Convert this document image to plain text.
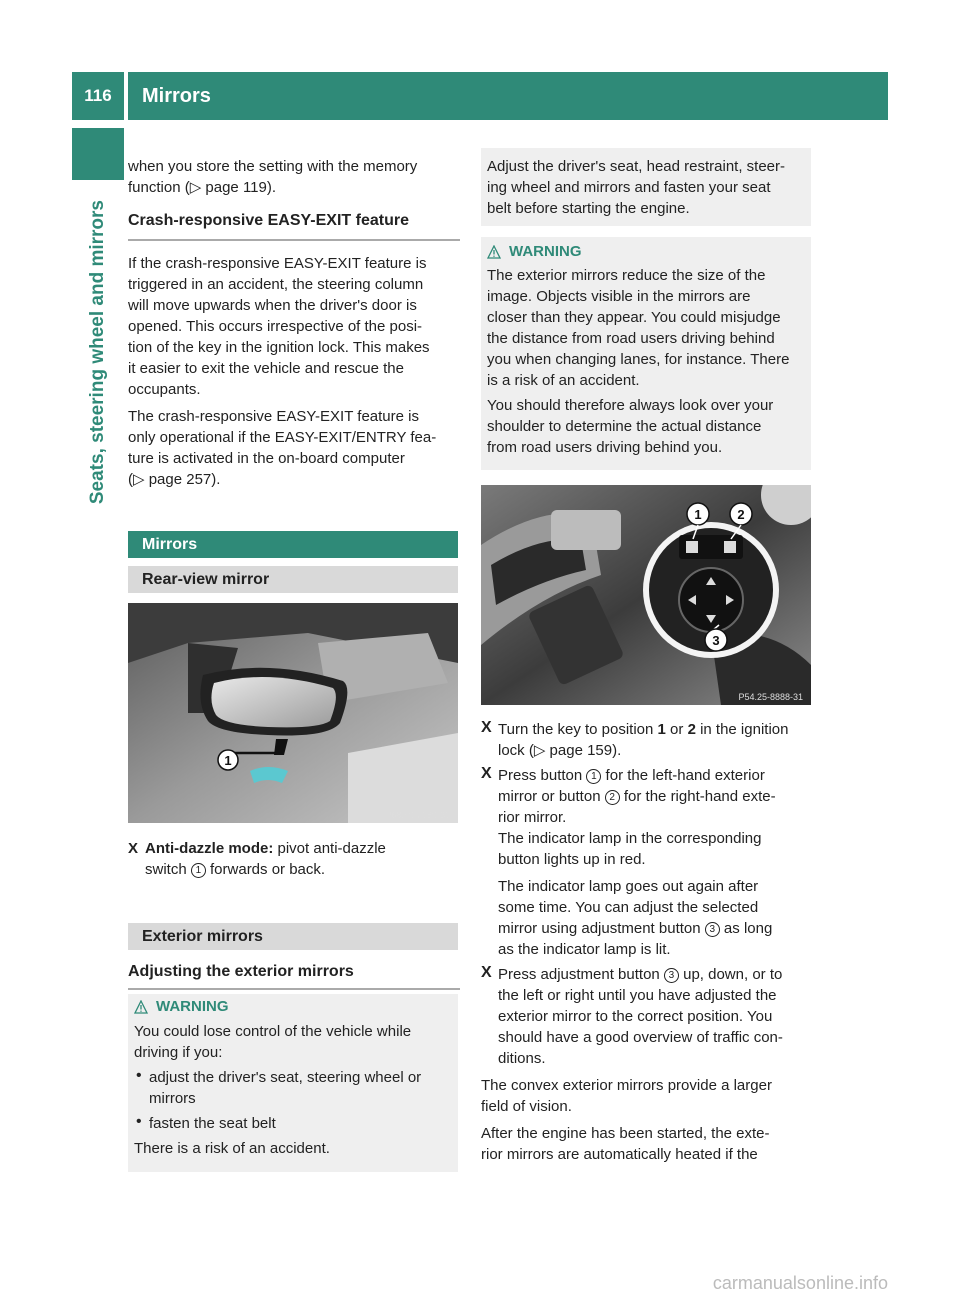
116	Mirrors
Seats, steering wheel and mirrors

when you store the setting with the memory

function (▷ page 119).

Crash-responsive EASY-EXIT feature

If the crash-responsive EASY-EXIT feature is

triggered in an accident, the steering column

will move upwards when the driver's door is

opened. This occurs irrespective of the posi-

tion of the key in the ignition lock. This makes

it easier to exit the vehicle and rescue the

occupants.

The crash-responsive EASY-EXIT feature is

only operational if the EASY-EXIT/ENTRY fea-

ture is activated in the on-board computer

(▷ page 257).

Mirrors
Rear-view mirror
1
P68.40-2180-31

X Anti-dazzle mode: pivot anti-dazzle

switch 1 forwards or back.

Exterior mirrors

Adjusting the exterior mirrors

WARNING

You could lose control of the vehicle while

driving if you:

• adjust the driver's seat, steering wheel or

mirrors

• fasten the seat belt

There is a risk of an accident.

Adjust the driver's seat, head restraint, steer-

ing wheel and mirrors and fasten your seat

belt before starting the engine.

WARNING

The exterior mirrors reduce the size of the

image. Objects visible in the mirrors are

closer than they appear. You could misjudge

the distance from road users driving behind

you when changing lanes, for instance. There

is a risk of an accident.

You should therefore always look over your

shoulder to determine the actual distance

from road users driving behind you.

1	2
3
P54.25-8888-31
X Turn the key to position 1 or 2 in the ignition

lock (▷ page 159).

X Press button 1 for the left-hand exterior

mirror or button 2 for the right-hand exte-

rior mirror.

The indicator lamp in the corresponding

button lights up in red.

The indicator lamp goes out again after

some time. You can adjust the selected

mirror using adjustment button 3 as long

as the indicator lamp is lit.

X Press adjustment button 3 up, down, or to

the left or right until you have adjusted the

exterior mirror to the correct position. You

should have a good overview of traffic con-

ditions.

The convex exterior mirrors provide a larger

field of vision.

After the engine has been started, the exte-

rior mirrors are automatically heated if the

carmanualsonline.info
